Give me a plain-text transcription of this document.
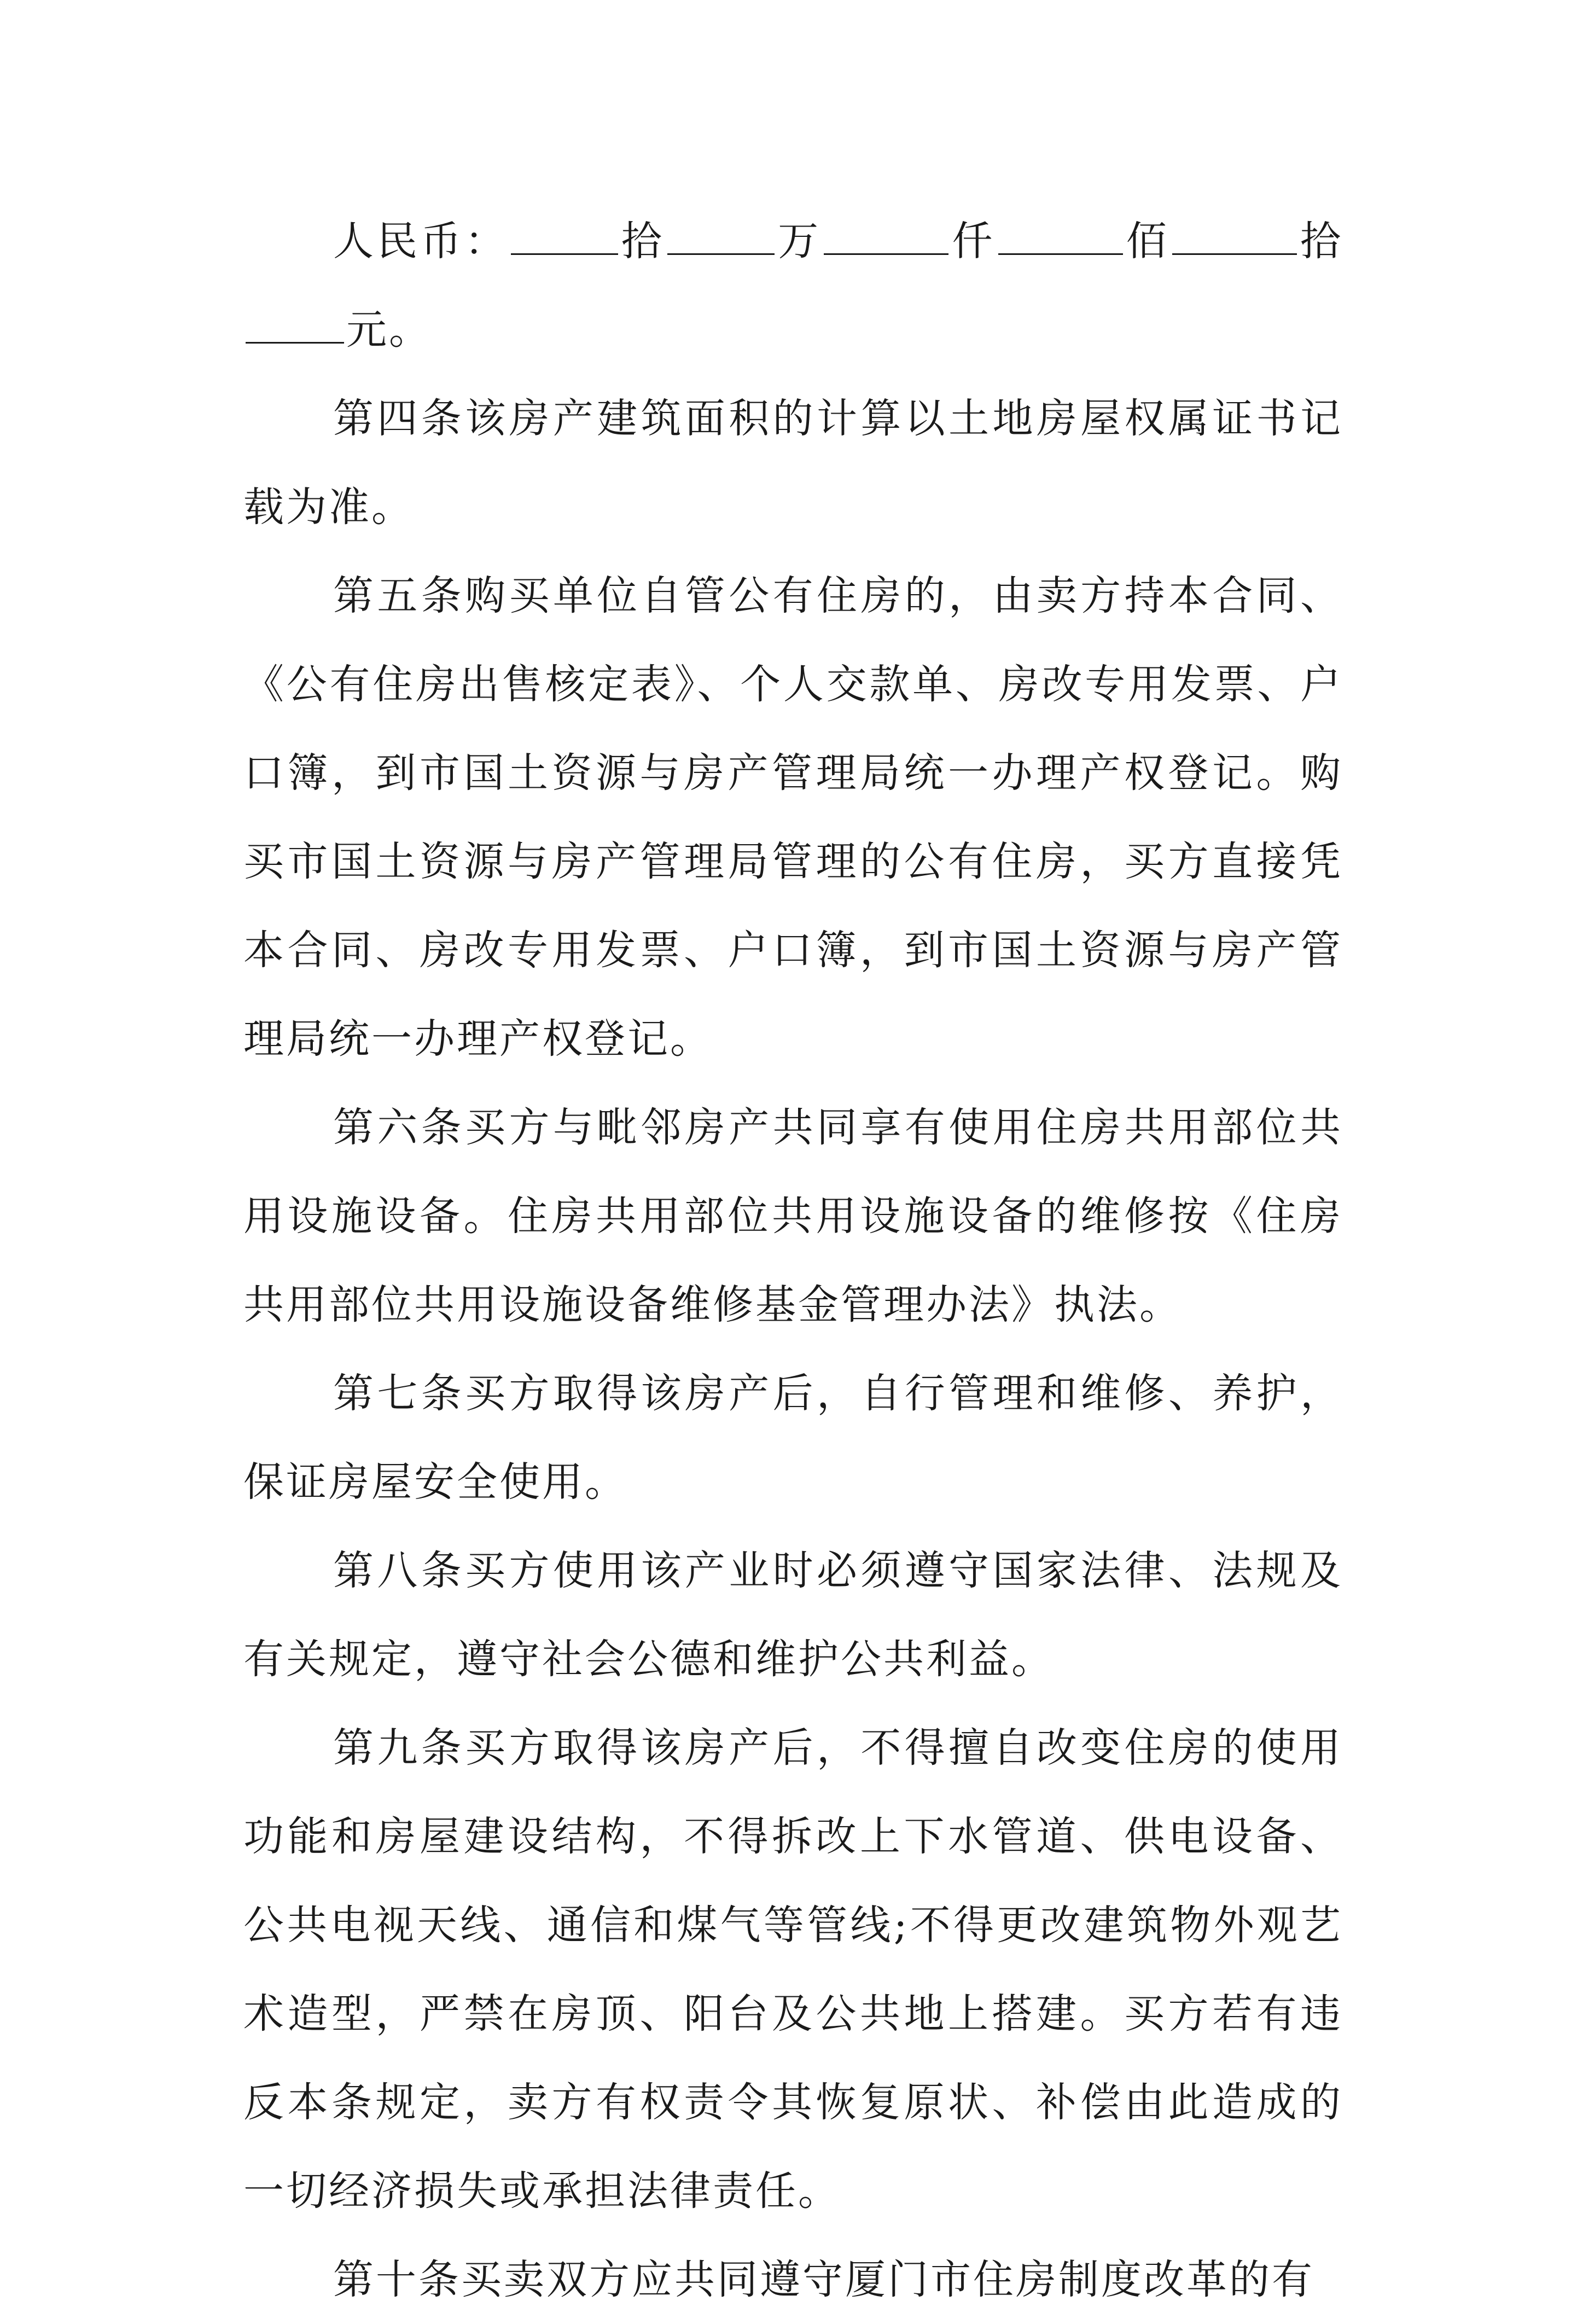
人民币：	拾	万	仟	佰	拾元。

第四条该房产建筑面积的计算以土地房屋权属证书记载为准。

第五条购买单位自管公有住房的，由卖方持本合同、《公有住房出售核定表》、个人交款单、房改专用发票、户口簿，到市国土资源与房产管理局统一办理产权登记。购买市国土资源与房产管理局管理的公有住房，买方直接凭本合同、房改专用发票、户口簿，到市国土资源与房产管理局统一办理产权登记。

第六条买方与毗邻房产共同享有使用住房共用部位共用设施设备。住房共用部位共用设施设备的维修按《住房共用部位共用设施设备维修基金管理办法》执法。

第七条买方取得该房产后，自行管理和维修、养护，保证房屋安全使用。

第八条买方使用该产业时必须遵守国家法律、法规及有关规定，遵守社会公德和维护公共利益。

第九条买方取得该房产后，不得擅自改变住房的使用功能和房屋建设结构，不得拆改上下水管道、供电设备、公共电视天线、通信和煤气等管线;不得更改建筑物外观艺术造型，严禁在房顶、阳台及公共地上搭建。买方若有违反本条规定，卖方有权责令其恢复原状、补偿由此造成的一切经济损失或承担法律责任。

第十条买卖双方应共同遵守厦门市住房制度改革的有
